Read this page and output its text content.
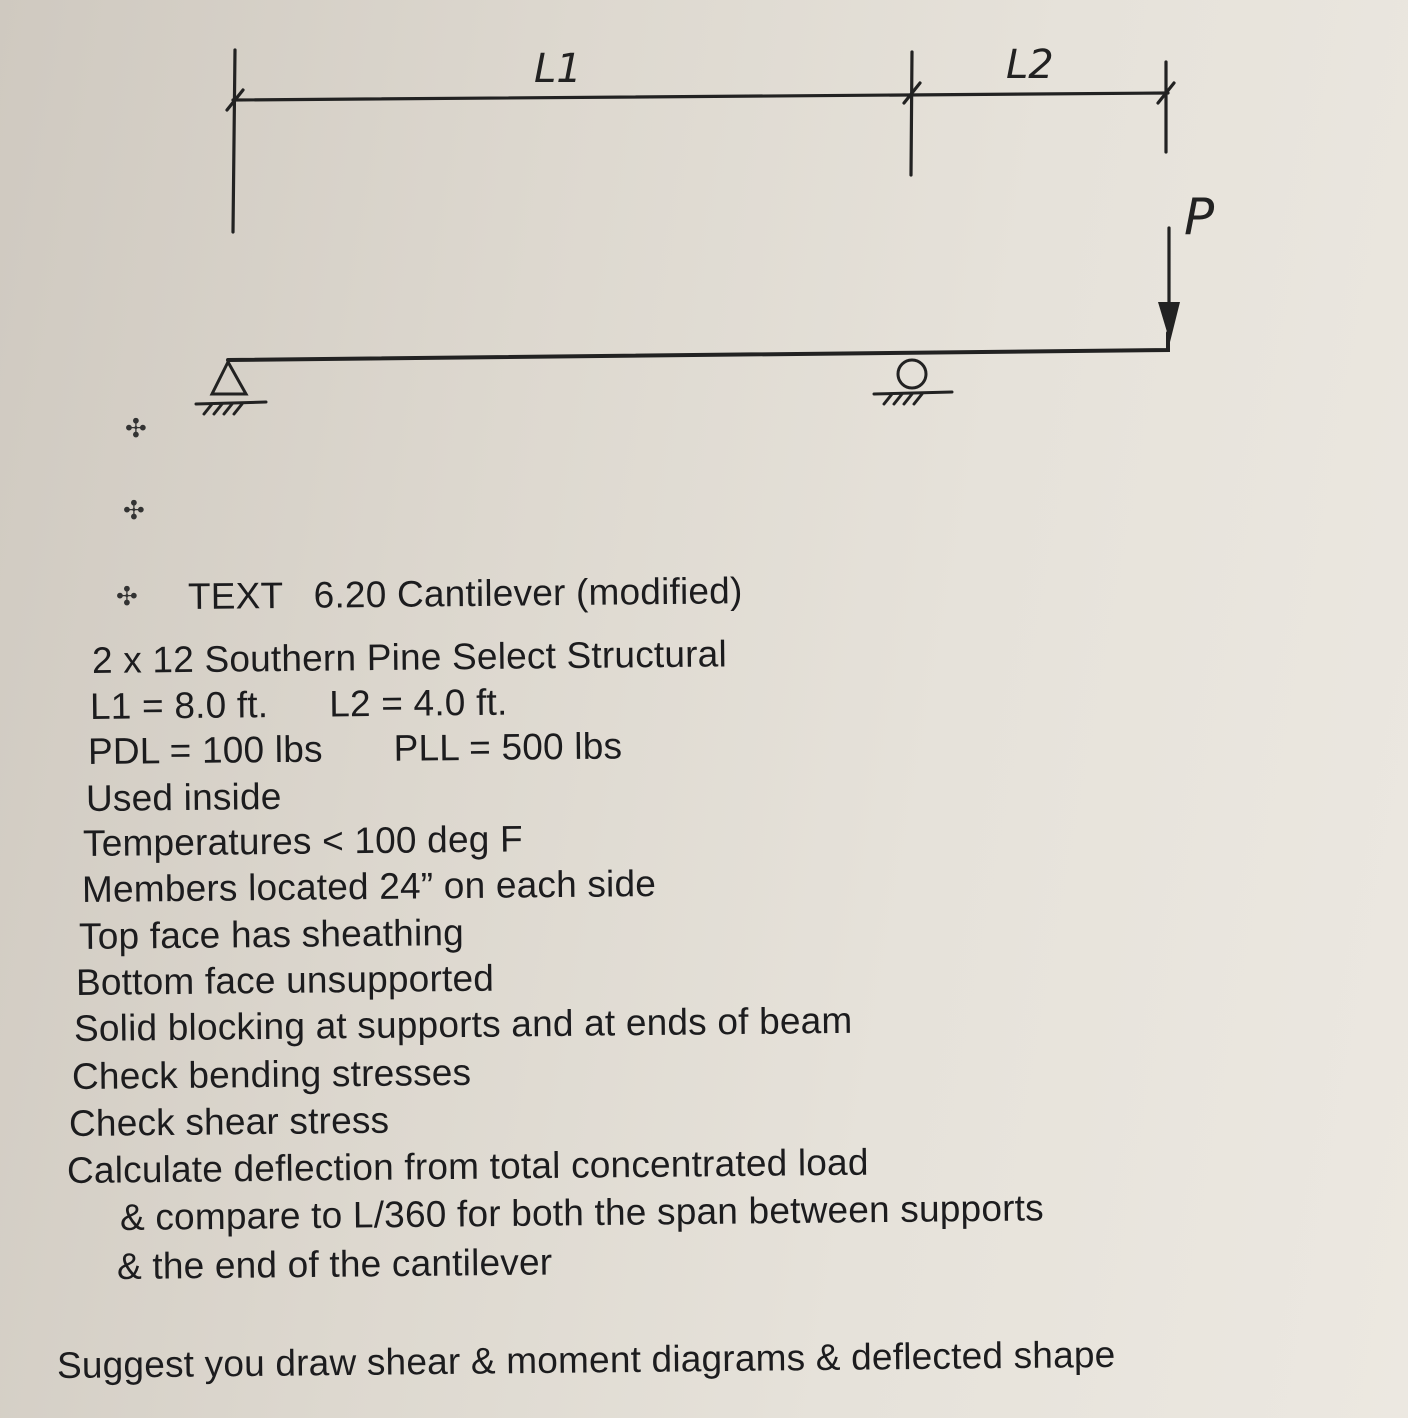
L1	L2
P
✣
✣
✣ TEXT 6.20 Cantilever (modified)
2 x 12 Southern Pine Select Structural
L1 = 8.0 ft. L2 = 4.0 ft.
PDL = 100 lbs PLL = 500 lbs
Used inside
Temperatures < 100 deg F
Members located 24” on each side
Top face has sheathing
Bottom face unsupported
Solid blocking at supports and at ends of beam
Check bending stresses
Check shear stress
Calculate deflection from total concentrated load
& compare to L/360 for both the span between supports
& the end of the cantilever
Suggest you draw shear & moment diagrams & deflected shape
